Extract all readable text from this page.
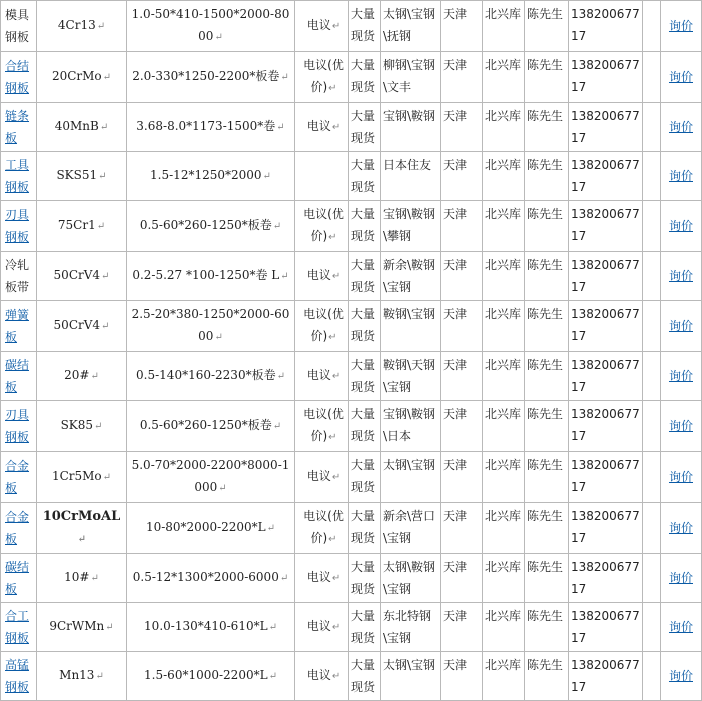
模具钢板	4Cr13↵	1.0-50*410-1500*2000-8000↵	电议↵	大量现货	太钢\宝钢\抚钢	天津	北兴库	陈先生	13820067717		询价
合结钢板	20CrMo↵	2.0-330*1250-2200*板卷↵	电议(优价)↵	大量现货	柳钢\宝钢\文丰	天津	北兴库	陈先生	13820067717		询价
链条板	40MnB↵	3.68-8.0*1173-1500*卷↵	电议↵	大量现货	宝钢\鞍钢	天津	北兴库	陈先生	13820067717		询价
工具钢板	SKS51↵	1.5-12*1250*2000↵		大量现货	日本住友	天津	北兴库	陈先生	13820067717		询价
刃具钢板	75Cr1↵	0.5-60*260-1250*板卷↵	电议(优价)↵	大量现货	宝钢\鞍钢\攀钢	天津	北兴库	陈先生	13820067717		询价
冷轧板带	50CrV4↵	0.2-5.27 *100-1250*卷 L↵	电议↵	大量现货	新余\鞍钢\宝钢	天津	北兴库	陈先生	13820067717		询价
弹簧板	50CrV4↵	2.5-20*380-1250*2000-6000↵	电议(优价)↵	大量现货	鞍钢\宝钢	天津	北兴库	陈先生	13820067717		询价
碳结板	20#↵	0.5-140*160-2230*板卷↵	电议↵	大量现货	鞍钢\天钢\宝钢	天津	北兴库	陈先生	13820067717		询价
刃具钢板	SK85↵	0.5-60*260-1250*板卷↵	电议(优价)↵	大量现货	宝钢\鞍钢\日本	天津	北兴库	陈先生	13820067717		询价
合金板	1Cr5Mo↵	5.0-70*2000-2200*8000-1000↵	电议↵	大量现货	太钢\宝钢	天津	北兴库	陈先生	13820067717		询价
合金板	10CrMoAL↵	10-80*2000-2200*L↵	电议(优价)↵	大量现货	新余\营口\宝钢	天津	北兴库	陈先生	13820067717		询价
碳结板	10#↵	0.5-12*1300*2000-6000↵	电议↵	大量现货	太钢\鞍钢\宝钢	天津	北兴库	陈先生	13820067717		询价
合工钢板	9CrWMn↵	10.0-130*410-610*L↵	电议↵	大量现货	东北特钢\宝钢	天津	北兴库	陈先生	13820067717		询价
高锰钢板	Mn13↵	1.5-60*1000-2200*L↵	电议↵	大量现货	太钢\宝钢	天津	北兴库	陈先生	13820067717		询价
